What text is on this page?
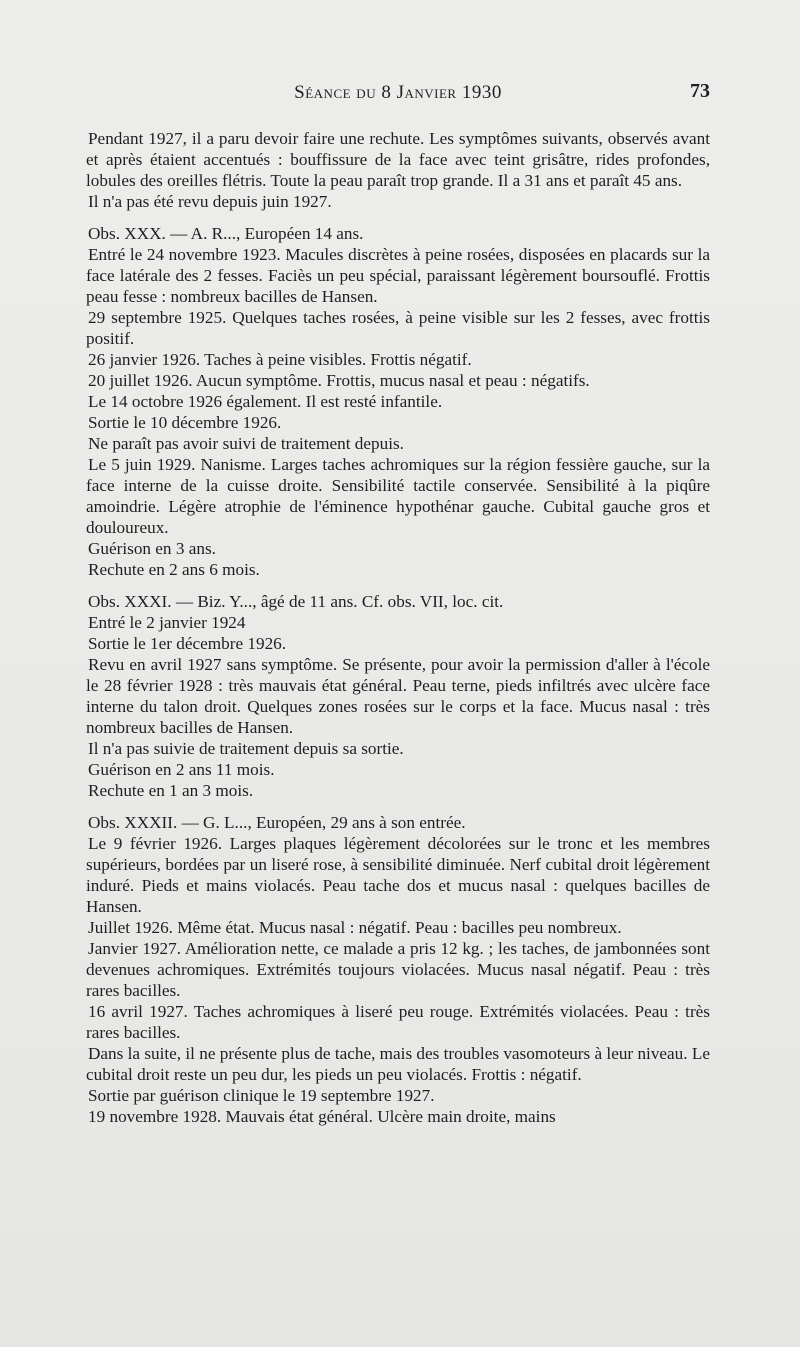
Séance du 8 Janvier 1930	73

Pendant 1927, il a paru devoir faire une rechute. Les symptômes suivants, observés avant et après étaient accentués : bouffissure de la face avec teint grisâtre, rides profondes, lobules des oreilles flétris. Toute la peau paraît trop grande. Il a 31 ans et paraît 45 ans.

Il n'a pas été revu depuis juin 1927.

Obs. XXX. — A. R..., Européen 14 ans.

Entré le 24 novembre 1923. Macules discrètes à peine rosées, disposées en placards sur la face latérale des 2 fesses. Faciès un peu spécial, paraissant légèrement boursouflé. Frottis peau fesse : nombreux bacilles de Hansen.

29 septembre 1925. Quelques taches rosées, à peine visible sur les 2 fesses, avec frottis positif.

26 janvier 1926. Taches à peine visibles. Frottis négatif.

20 juillet 1926. Aucun symptôme. Frottis, mucus nasal et peau : négatifs.

Le 14 octobre 1926 également. Il est resté infantile.

Sortie le 10 décembre 1926.

Ne paraît pas avoir suivi de traitement depuis.

Le 5 juin 1929. Nanisme. Larges taches achromiques sur la région fessière gauche, sur la face interne de la cuisse droite. Sensibilité tactile conservée. Sensibilité à la piqûre amoindrie. Légère atrophie de l'éminence hypothénar gauche. Cubital gauche gros et douloureux.

Guérison en 3 ans.

Rechute en 2 ans 6 mois.

Obs. XXXI. — Biz. Y..., âgé de 11 ans. Cf. obs. VII, loc. cit.

Entré le 2 janvier 1924

Sortie le 1er décembre 1926.

Revu en avril 1927 sans symptôme. Se présente, pour avoir la permission d'aller à l'école le 28 février 1928 : très mauvais état général. Peau terne, pieds infiltrés avec ulcère face interne du talon droit. Quelques zones rosées sur le corps et la face. Mucus nasal : très nombreux bacilles de Hansen.

Il n'a pas suivie de traitement depuis sa sortie.

Guérison en 2 ans 11 mois.

Rechute en 1 an 3 mois.

Obs. XXXII. — G. L..., Européen, 29 ans à son entrée.

Le 9 février 1926. Larges plaques légèrement décolorées sur le tronc et les membres supérieurs, bordées par un liseré rose, à sensibilité diminuée. Nerf cubital droit légèrement induré. Pieds et mains violacés. Peau tache dos et mucus nasal : quelques bacilles de Hansen.

Juillet 1926. Même état. Mucus nasal : négatif. Peau : bacilles peu nombreux.

Janvier 1927. Amélioration nette, ce malade a pris 12 kg. ; les taches, de jambonnées sont devenues achromiques. Extrémités toujours violacées. Mucus nasal négatif. Peau : très rares bacilles.

16 avril 1927. Taches achromiques à liseré peu rouge. Extrémités violacées. Peau : très rares bacilles.

Dans la suite, il ne présente plus de tache, mais des troubles vasomoteurs à leur niveau. Le cubital droit reste un peu dur, les pieds un peu violacés. Frottis : négatif.

Sortie par guérison clinique le 19 septembre 1927.

19 novembre 1928. Mauvais état général. Ulcère main droite, mains
